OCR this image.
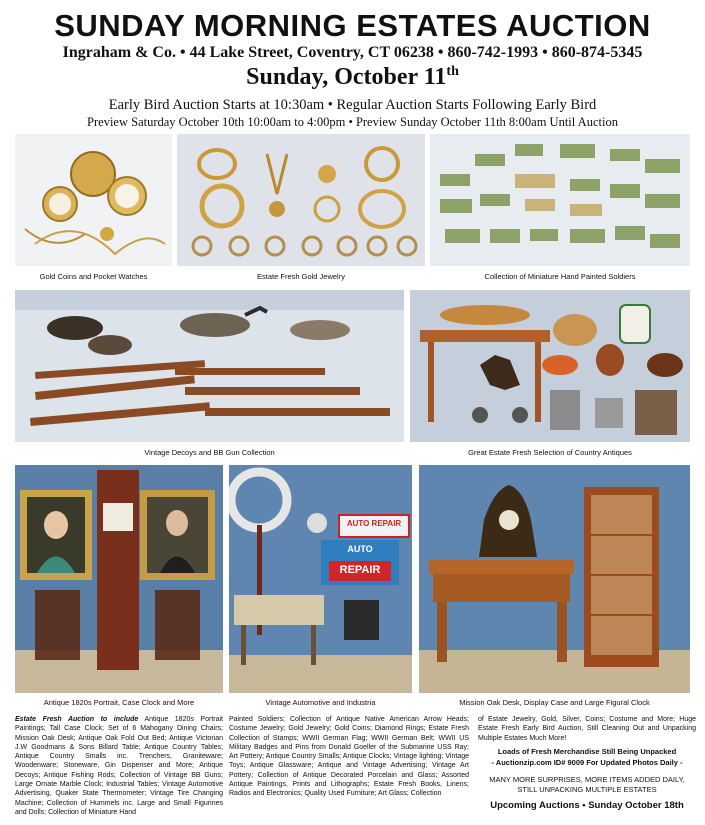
SUNDAY MORNING ESTATES AUCTION
Ingraham & Co. • 44 Lake Street, Coventry, CT 06238 • 860-742-1993 • 860-874-5345
Sunday, October 11th
Early Bird Auction Starts at 10:30am • Regular Auction Starts Following Early Bird
Preview Saturday October 10th 10:00am to 4:00pm • Preview Sunday October 11th 8:00am Until Auction
Gold Coins and Pocket Watches	Estate Fresh Gold Jewelry	Collection of Miniature Hand Painted Soldiers
Vintage Decoys and BB Gun Collection	Great Estate Fresh Selection of Country Antiques
Antique 1820s Portrait, Case Clock and More
AUTO REPAIR
AUTO
REPAIR
Vintage Automotive and Industria	Mission Oak Desk, Display Case and Large Figural Clock
Estate Fresh Auction to include Antique 1820s Portrait Paintings; Tall Case Clock; Set of 6 Mahogany Dining Chairs; Mission Oak Desk; Antique Oak Fold Out Bed; Antique Victorian J.W Goodmans & Sons Billard Table; Antique Country Tables; Antique Country Smalls inc. Trenchers, Graniteware; Woodenware; Stoneware, Gin Dispenser and More; Antique Decoys; Antique Fishing Rods; Collection of Vintage BB Guns; Large Ornate Marble Clock; Industrial Tables; Vintage Automotive Advertising, Quaker State Thermometer; Vintage Tire Changing Machine; Collection of Hummels inc. Large and Small Figurines and Dolls; Collection of Miniature Hand
Painted Soldiers; Collection of Antique Native American Arrow Heads; Costume Jewelry; Gold Jewelry; Gold Coins; Diamond Rings; Estate Fresh Collection of Stamps; WWII German Flag; WWII German Belt; WWII US Military Badges and Pins from Donald Goeller of the Submarine USS Ray; Art Pottery; Antique Country Smalls; Antique Clocks; Vintage lighting; Vintage Toys; Antique Glassware; Antique and Vintage Advertising; Vintage Art Pottery; Collection of Antique Decorated Porcelain and Glass; Assorted Antique Paintings, Prints and Lithographs; Estate Fresh Books, Linens; Radios and Electronics; Quality Used Furniture; Art Glass; Collection
of Estate Jewelry, Gold, Silver, Coins; Costume and More; Huge Estate Fresh Early Bird Auction, Still Cleaning Out and Unpacking Multiple Estates Much More!
Loads of Fresh Merchandise Still Being Unpacked
- Auctionzip.com ID# 9009 For Updated Photos Daily -
MANY MORE SURPRISES, MORE ITEMS ADDED DAILY, STILL UNPACKING MULTIPLE ESTATES
Upcoming Auctions • Sunday October 18th
